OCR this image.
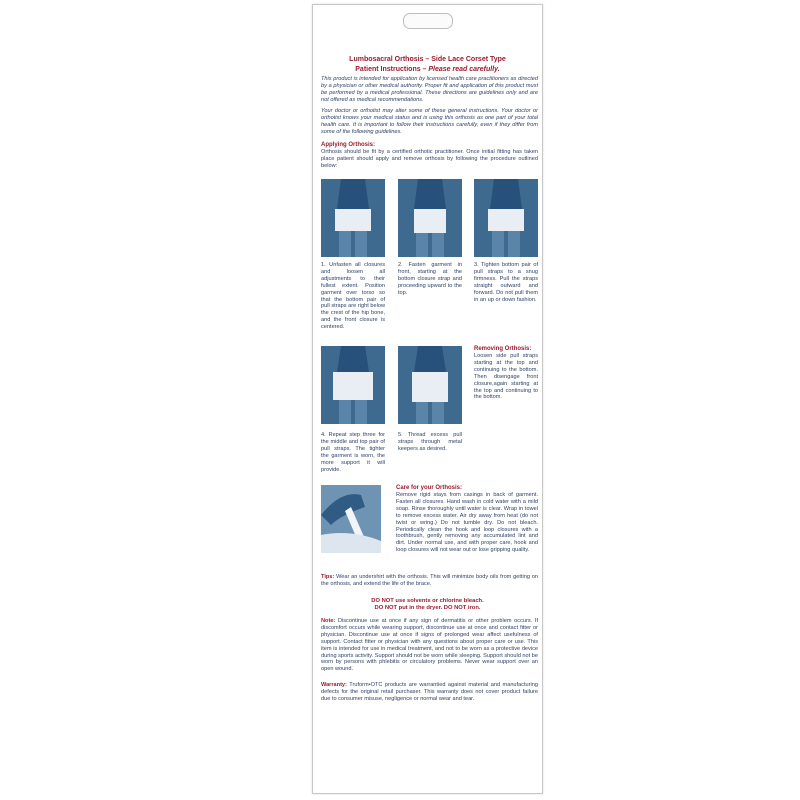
Lumbosacral Orthosis – Side Lace Corset Type
Patient Instructions – Please read carefully.
This product is intended for application by licensed health care practitioners as directed by a physician or other medical authority. Proper fit and application of this product must be performed by a medical professional. These directions are guidelines only and are not offered as medical recommendations.
Your doctor or orthotist may alter some of these general instructions. Your doctor or orthotist knows your medical status and is using this orthosis as one part of your total health care. It is important to follow their instructions carefully, even if they differ from some of the following guidelines.
Applying Orthosis:
Orthosis should be fit by a certified orthotic practitioner. Once initial fitting has taken place patient should apply and remove orthosis by following the procedure outlined below:
1. Unfasten all closures and loosen all adjustments to their fullest extent. Position garment over torso so that the bottom pair of pull straps are right below the crest of the hip bone, and the front closure is centered.
2. Fasten garment in front, starting at the bottom closure strap and proceeding upward to the top.
3. Tighten bottom pair of pull straps to a snug firmness. Pull the straps straight outward and forward. Do not pull them in an up or down fashion.
Removing Orthosis:
Loosen side pull straps starting at the top and continuing to the bottom. Then disengage front closure,again starting at the top and continuing to the bottom.
4. Repeat step three for the middle and top pair of pull straps. The tighter the garment is worn, the more support it will provide.
5. Thread excess pull straps through metal keepers as desired.
Care for your Orthosis:
Remove rigid stays from casings in back of garment. Fasten all closures. Hand wash in cold water with a mild soap. Rinse thoroughly until water is clear. Wrap in towel to remove excess water. Air dry away from heat (do not twist or wring.) Do not tumble dry. Do not bleach. Periodically clean the hook and loop closures with a toothbrush, gently removing any accumulated lint and dirt. Under normal use, and with proper care, hook and loop closures will not wear out or lose gripping quality.
Tips: Wear an undershirt with the orthosis. This will minimize body oils from getting on the orthosis, and extend the life of the brace.
DO NOT use solvents or chlorine bleach.
DO NOT put in the dryer. DO NOT iron.
Note: Discontinue use at once if any sign of dermatitis or other problem occurs. If discomfort occurs while wearing support, discontinue use at once and contact fitter or physician. Discontinue use at once if signs of prolonged wear affect usefulness of support. Contact fitter or physician with any questions about proper care or use. This item is intended for use in medical treatment, and not to be worn as a protective device during sports activity. Support should not be worn while sleeping. Support should not be worn by persons with phlebitis or circulatory problems. Never wear support over an open wound.
Warranty: Truform•OTC products are warrantied against material and manufacturing defects for the original retail purchaser. This warranty does not cover product failure due to consumer misuse, negligence or normal wear and tear.
